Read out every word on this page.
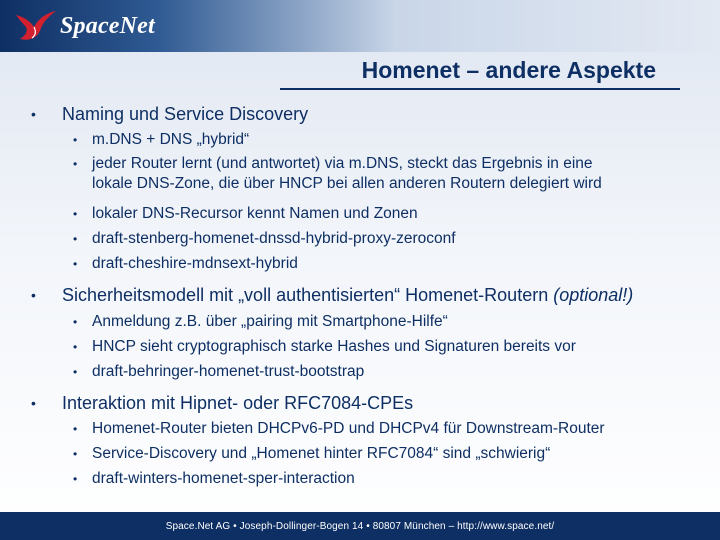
SpaceNet
Homenet – andere Aspekte
• Naming und Service Discovery
• m.DNS + DNS „hybrid“
• jeder Router lernt (und antwortet) via m.DNS, steckt das Ergebnis in eine
lokale DNS-Zone, die über HNCP bei allen anderen Routern delegiert wird
• lokaler DNS-Recursor kennt Namen und Zonen
• draft-stenberg-homenet-dnssd-hybrid-proxy-zeroconf
• draft-cheshire-mdnsext-hybrid
• Sicherheitsmodell mit „voll authentisierten“ Homenet-Routern (optional!)
• Anmeldung z.B. über „pairing mit Smartphone-Hilfe“
• HNCP sieht cryptographisch starke Hashes und Signaturen bereits vor
• draft-behringer-homenet-trust-bootstrap
• Interaktion mit Hipnet- oder RFC7084-CPEs
• Homenet-Router bieten DHCPv6-PD und DHCPv4 für Downstream-Router
• Service-Discovery und „Homenet hinter RFC7084“ sind „schwierig“
• draft-winters-homenet-sper-interaction
Space.Net AG • Joseph-Dollinger-Bogen 14 • 80807 München – http://www.space.net/
